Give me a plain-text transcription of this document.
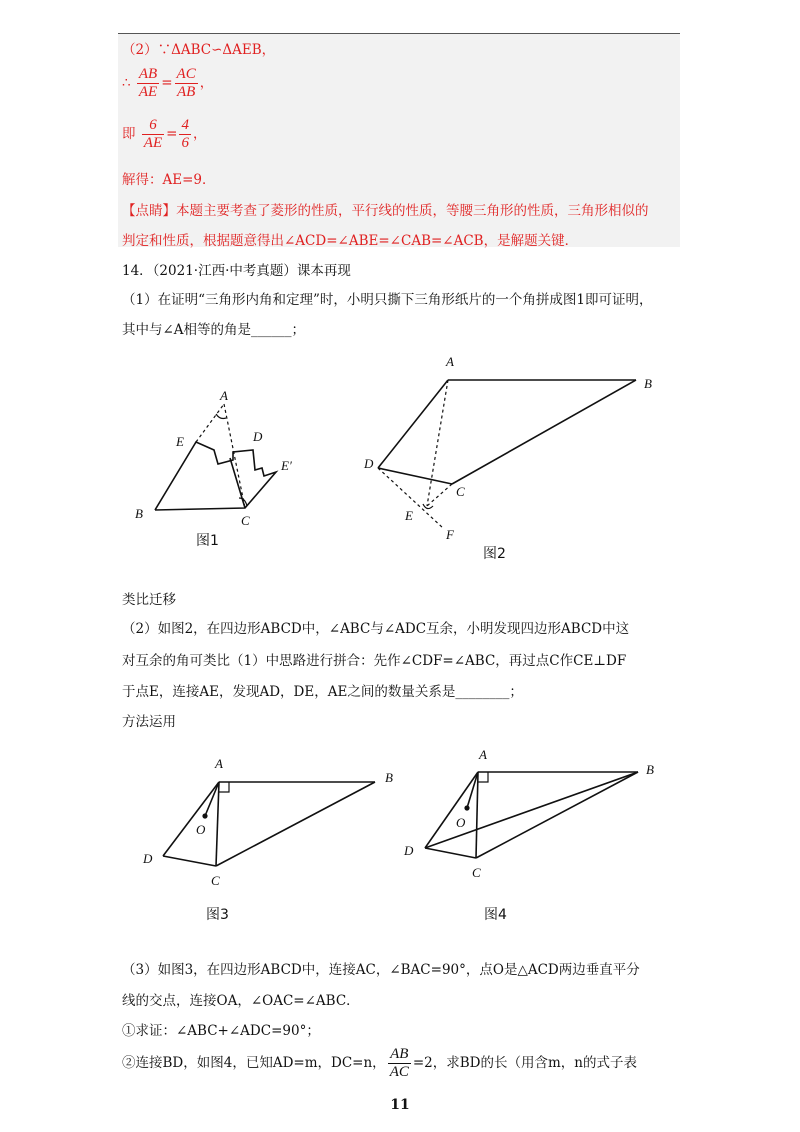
（2）∵ΔABC∽ΔAEB，
∴ $\frac{AB}{AE} = \frac{AC}{AB}$ ，
即 $\frac{6}{AE} = \frac{4}{6}$ ，
解得：AE=9．
【点睛】本题主要考查了菱形的性质，平行线的性质，等腰三角形的性质，三角形相似的
判定和性质，根据题意得出∠ACD=∠ABE=∠CAB=∠ACB，是解题关键．
14．（2021·江西·中考真题）课本再现
（1）在证明“三角形内角和定理”时，小明只撕下三角形纸片的一个角拼成图1即可证明，
其中与∠A相等的角是______；
A
E	D
E′
B	C
图1
A
B
D
C
E
F
图2
类比迁移
（2）如图2，在四边形ABCD中，∠ABC与∠ADC互余，小明发现四边形ABCD中这
对互余的角可类比（1）中思路进行拼合：先作∠CDF=∠ABC，再过点C作CE⊥DF
于点E，连接AE，发现AD，DE，AE之间的数量关系是________；
方法运用
A
B
O
D
C
图3
A
B
O
D
C
图4
（3）如图3，在四边形ABCD中，连接AC，∠BAC=90°，点O是△ACD两边垂直平分
线的交点，连接OA，∠OAC=∠ABC．
①求证：∠ABC+∠ADC=90°；
②连接BD，如图4，已知AD=m，DC=n， $\frac{AB}{AC} =2$，求BD的长（用含m，n的式子表
11
